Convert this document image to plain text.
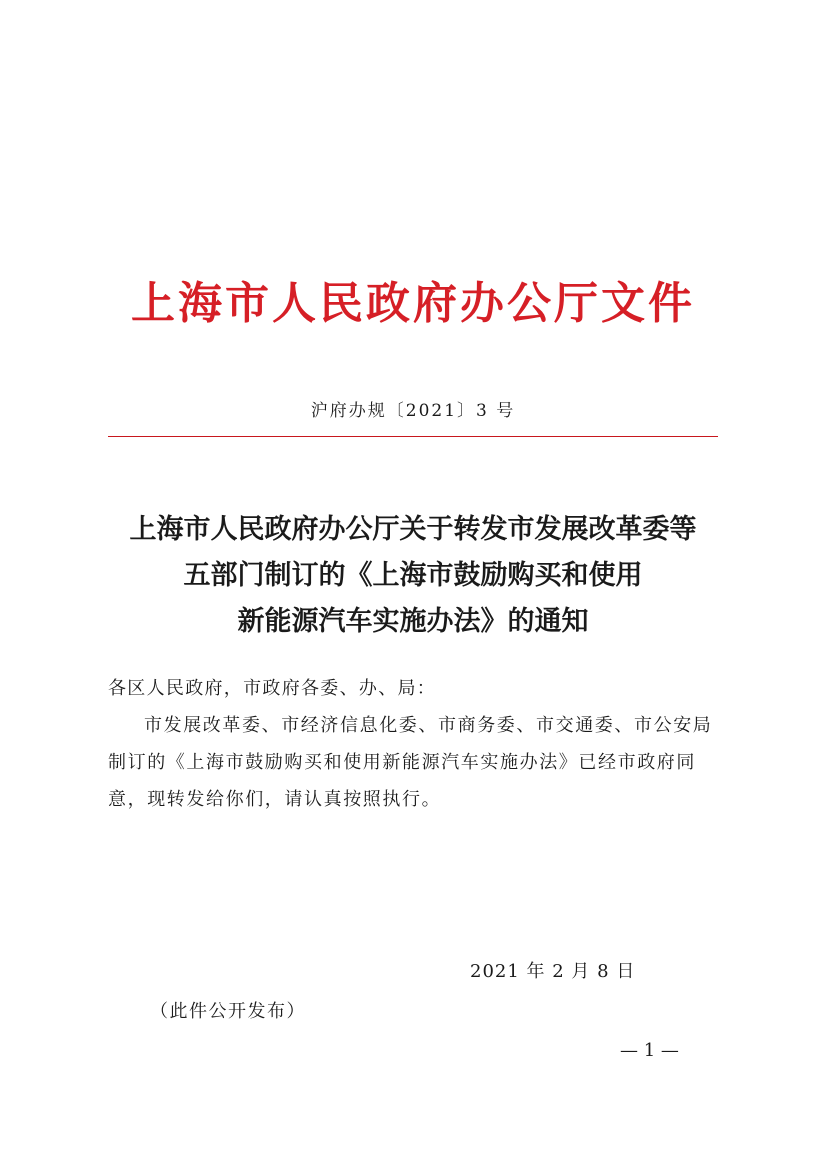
上海市人民政府办公厅文件
沪府办规〔2021〕3 号
上海市人民政府办公厅关于转发市发展改革委等
五部门制订的《上海市鼓励购买和使用
新能源汽车实施办法》的通知
各区人民政府，市政府各委、办、局：
市发展改革委、市经济信息化委、市商务委、市交通委、市公安局制订的《上海市鼓励购买和使用新能源汽车实施办法》已经市政府同意，现转发给你们，请认真按照执行。
2021 年 2 月 8 日
（此件公开发布）
— 1 —
